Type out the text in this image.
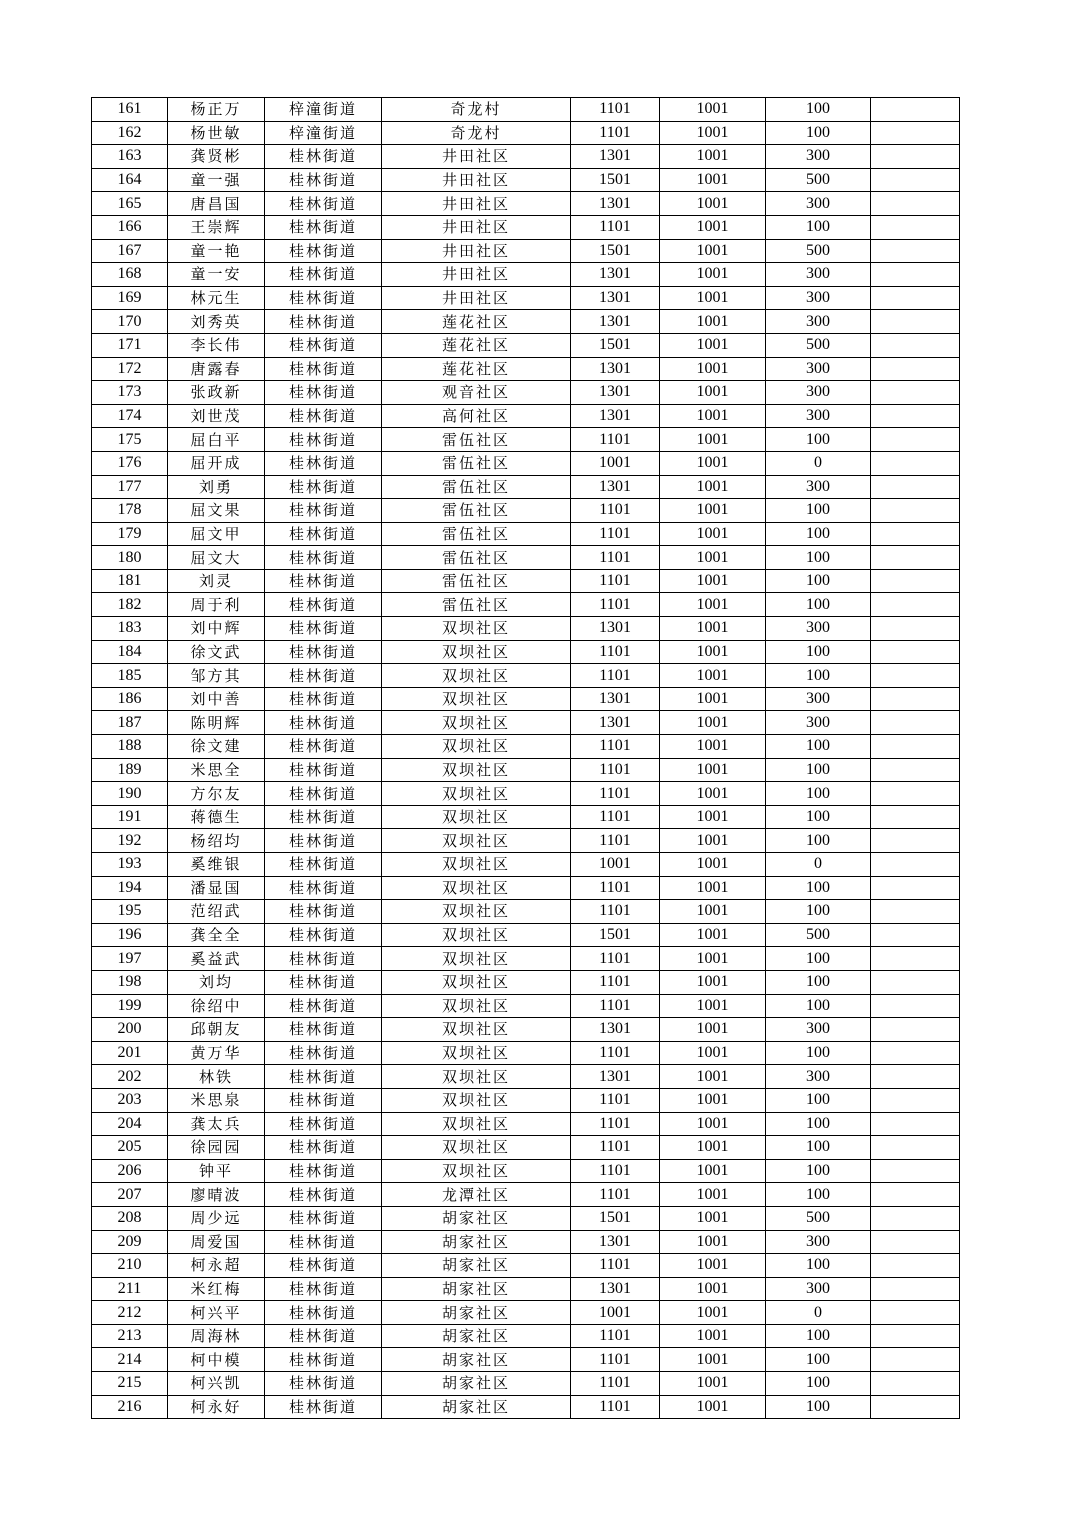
161	杨正万	梓潼街道	奇龙村	1101	1001	100	
162	杨世敏	梓潼街道	奇龙村	1101	1001	100	
163	龚贤彬	桂林街道	井田社区	1301	1001	300	
164	童一强	桂林街道	井田社区	1501	1001	500	
165	唐昌国	桂林街道	井田社区	1301	1001	300	
166	王崇辉	桂林街道	井田社区	1101	1001	100	
167	童一艳	桂林街道	井田社区	1501	1001	500	
168	童一安	桂林街道	井田社区	1301	1001	300	
169	林元生	桂林街道	井田社区	1301	1001	300	
170	刘秀英	桂林街道	莲花社区	1301	1001	300	
171	李长伟	桂林街道	莲花社区	1501	1001	500	
172	唐露春	桂林街道	莲花社区	1301	1001	300	
173	张政新	桂林街道	观音社区	1301	1001	300	
174	刘世茂	桂林街道	高何社区	1301	1001	300	
175	屈白平	桂林街道	雷伍社区	1101	1001	100	
176	屈开成	桂林街道	雷伍社区	1001	1001	0	
177	刘勇	桂林街道	雷伍社区	1301	1001	300	
178	屈文果	桂林街道	雷伍社区	1101	1001	100	
179	屈文甲	桂林街道	雷伍社区	1101	1001	100	
180	屈文大	桂林街道	雷伍社区	1101	1001	100	
181	刘灵	桂林街道	雷伍社区	1101	1001	100	
182	周于利	桂林街道	雷伍社区	1101	1001	100	
183	刘中辉	桂林街道	双坝社区	1301	1001	300	
184	徐文武	桂林街道	双坝社区	1101	1001	100	
185	邹方其	桂林街道	双坝社区	1101	1001	100	
186	刘中善	桂林街道	双坝社区	1301	1001	300	
187	陈明辉	桂林街道	双坝社区	1301	1001	300	
188	徐文建	桂林街道	双坝社区	1101	1001	100	
189	米思全	桂林街道	双坝社区	1101	1001	100	
190	方尔友	桂林街道	双坝社区	1101	1001	100	
191	蒋德生	桂林街道	双坝社区	1101	1001	100	
192	杨绍均	桂林街道	双坝社区	1101	1001	100	
193	奚维银	桂林街道	双坝社区	1001	1001	0	
194	潘显国	桂林街道	双坝社区	1101	1001	100	
195	范绍武	桂林街道	双坝社区	1101	1001	100	
196	龚全全	桂林街道	双坝社区	1501	1001	500	
197	奚益武	桂林街道	双坝社区	1101	1001	100	
198	刘均	桂林街道	双坝社区	1101	1001	100	
199	徐绍中	桂林街道	双坝社区	1101	1001	100	
200	邱朝友	桂林街道	双坝社区	1301	1001	300	
201	黄万华	桂林街道	双坝社区	1101	1001	100	
202	林铁	桂林街道	双坝社区	1301	1001	300	
203	米思泉	桂林街道	双坝社区	1101	1001	100	
204	龚太兵	桂林街道	双坝社区	1101	1001	100	
205	徐园园	桂林街道	双坝社区	1101	1001	100	
206	钟平	桂林街道	双坝社区	1101	1001	100	
207	廖晴波	桂林街道	龙潭社区	1101	1001	100	
208	周少远	桂林街道	胡家社区	1501	1001	500	
209	周爱国	桂林街道	胡家社区	1301	1001	300	
210	柯永超	桂林街道	胡家社区	1101	1001	100	
211	米红梅	桂林街道	胡家社区	1301	1001	300	
212	柯兴平	桂林街道	胡家社区	1001	1001	0	
213	周海林	桂林街道	胡家社区	1101	1001	100	
214	柯中模	桂林街道	胡家社区	1101	1001	100	
215	柯兴凯	桂林街道	胡家社区	1101	1001	100	
216	柯永好	桂林街道	胡家社区	1101	1001	100	
